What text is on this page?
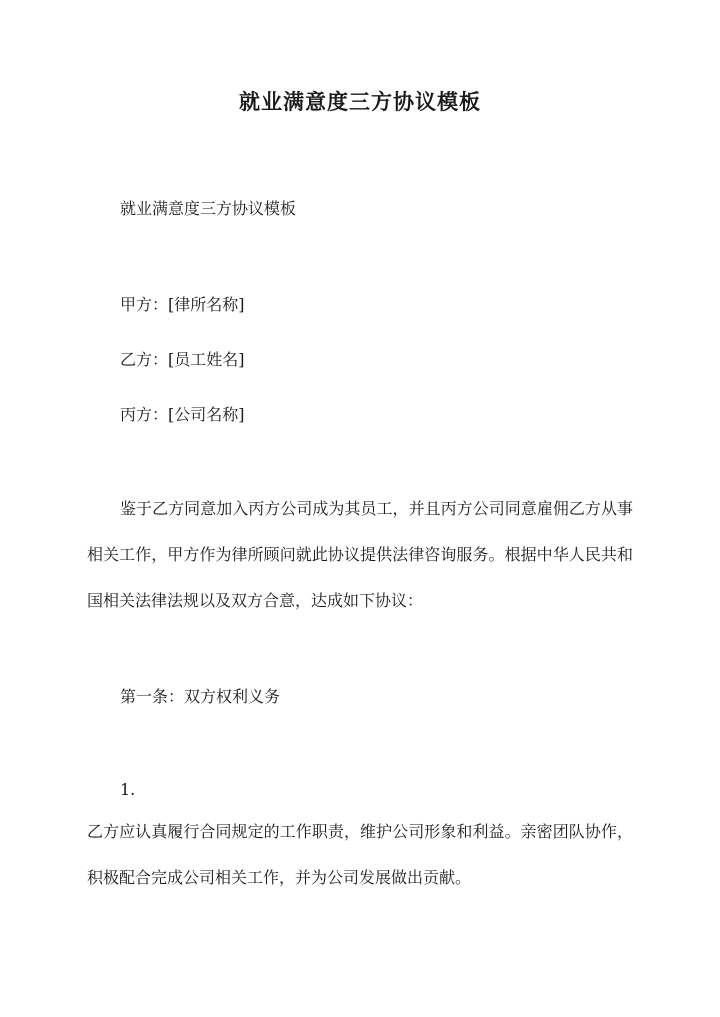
就业满意度三方协议模板
就业满意度三方协议模板
甲方：[律所名称]
乙方：[员工姓名]
丙方：[公司名称]
鉴于乙方同意加入丙方公司成为其员工，并且丙方公司同意雇佣乙方从事相关工作，甲方作为律所顾问就此协议提供法律咨询服务。根据中华人民共和国相关法律法规以及双方合意，达成如下协议：
第一条：双方权利义务
1.
乙方应认真履行合同规定的工作职责，维护公司形象和利益。亲密团队协作，积极配合完成公司相关工作，并为公司发展做出贡献。
